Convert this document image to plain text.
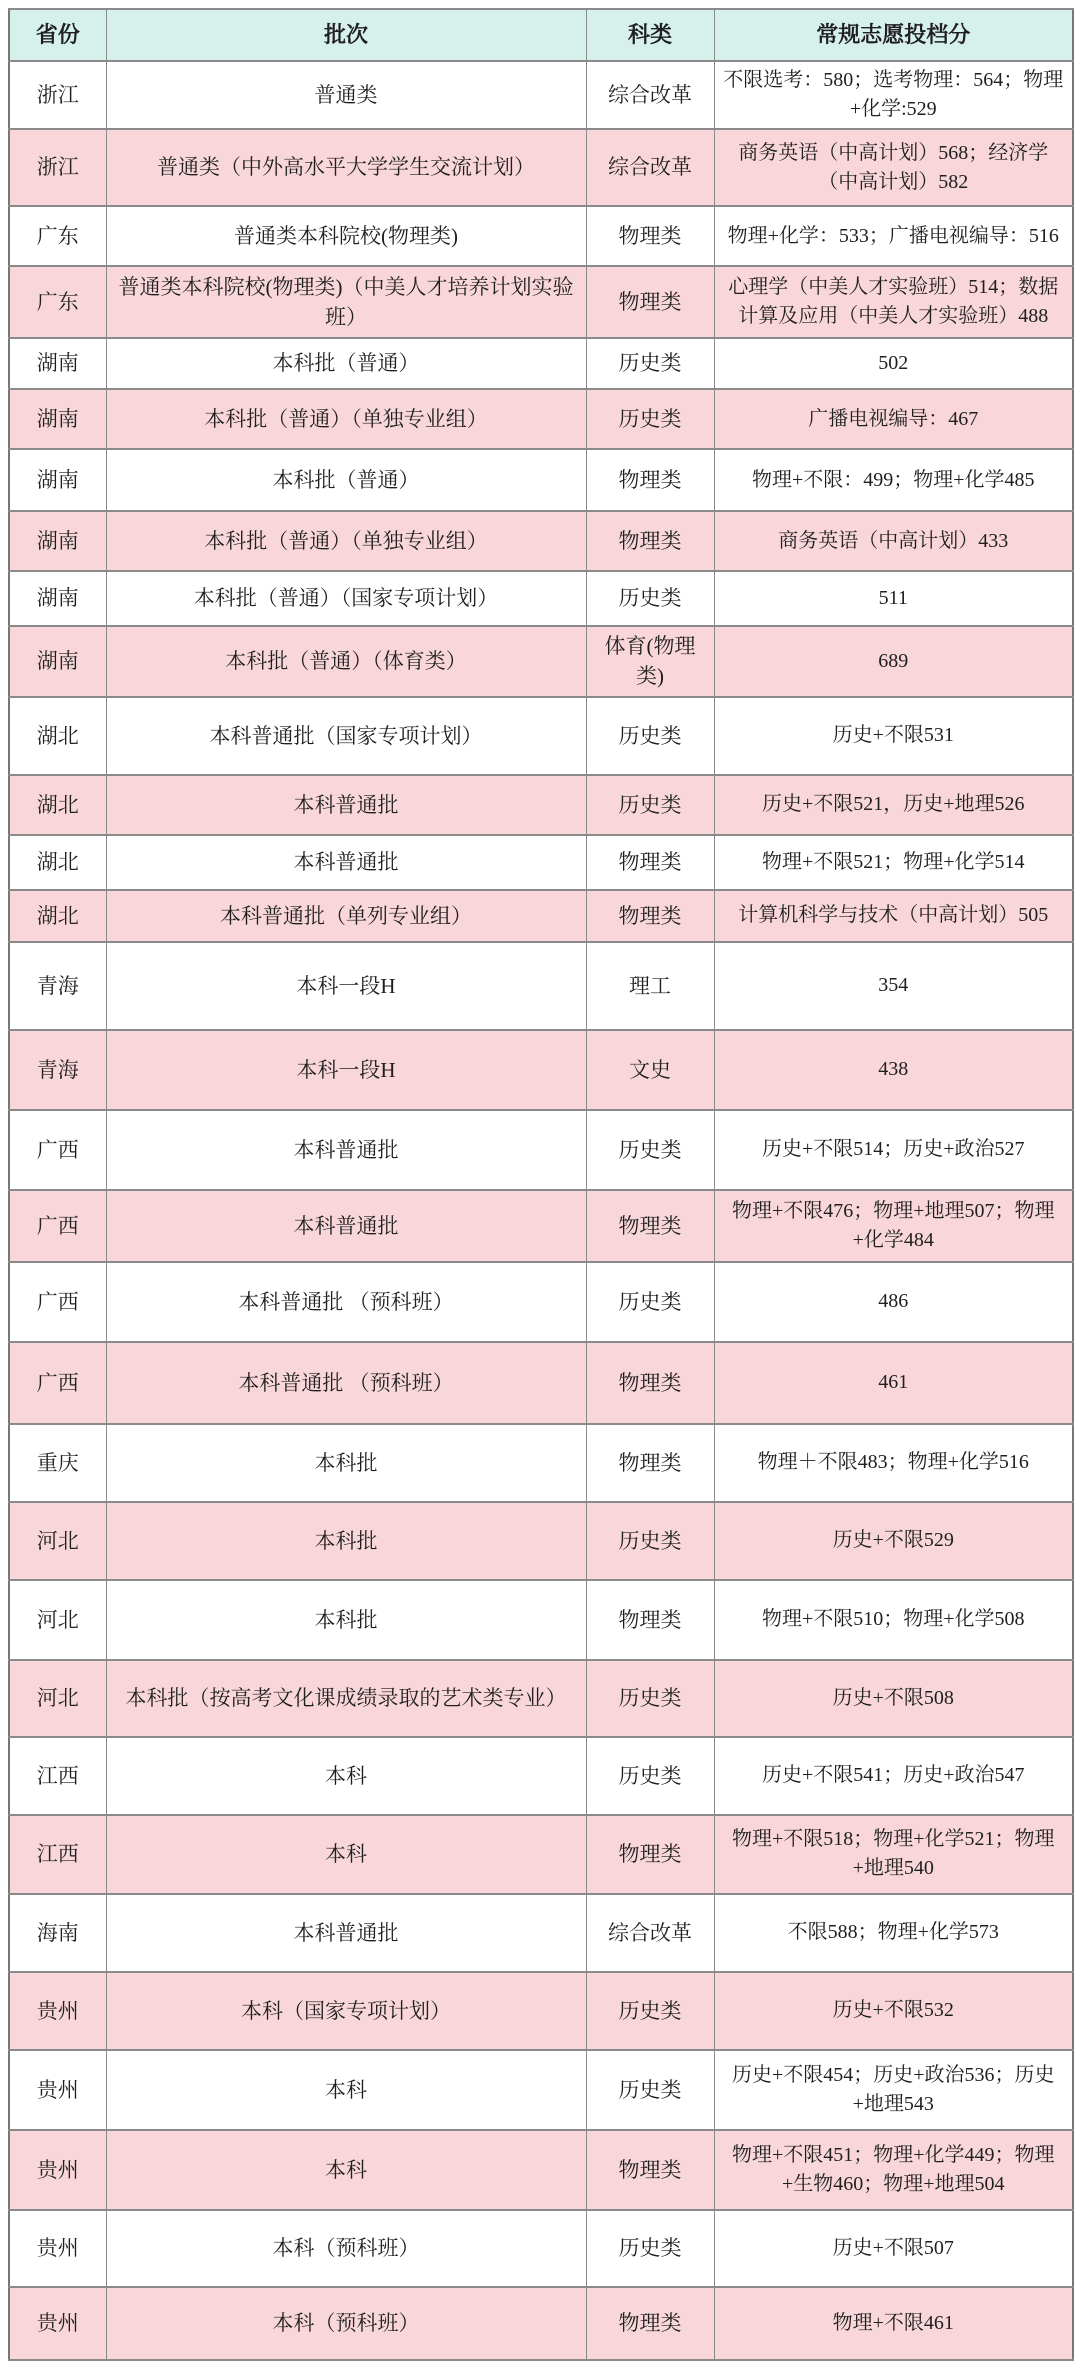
省份	批次	科类	常规志愿投档分
浙江	普通类	综合改革	不限选考：580；选考物理：564；物理+化学:529
浙江	普通类（中外高水平大学学生交流计划）	综合改革	商务英语（中高计划）568；经济学（中高计划）582
广东	普通类本科院校(物理类)	物理类	物理+化学：533；广播电视编导：516
广东	普通类本科院校(物理类)（中美人才培养计划实验班）	物理类	心理学（中美人才实验班）514；数据计算及应用（中美人才实验班）488
湖南	本科批（普通）	历史类	502
湖南	本科批（普通）（单独专业组）	历史类	广播电视编导：467
湖南	本科批（普通）	物理类	物理+不限：499；物理+化学485
湖南	本科批（普通）（单独专业组）	物理类	商务英语（中高计划）433
湖南	本科批（普通）（国家专项计划）	历史类	511
湖南	本科批（普通）（体育类）	体育(物理类)	689
湖北	本科普通批（国家专项计划）	历史类	历史+不限531
湖北	本科普通批	历史类	历史+不限521，历史+地理526
湖北	本科普通批	物理类	物理+不限521；物理+化学514
湖北	本科普通批（单列专业组）	物理类	计算机科学与技术（中高计划）505
青海	本科一段H	理工	354
青海	本科一段H	文史	438
广西	本科普通批	历史类	历史+不限514；历史+政治527
广西	本科普通批	物理类	物理+不限476；物理+地理507；物理+化学484
广西	本科普通批 （预科班）	历史类	486
广西	本科普通批 （预科班）	物理类	461
重庆	本科批	物理类	物理＋不限483；物理+化学516
河北	本科批	历史类	历史+不限529
河北	本科批	物理类	物理+不限510；物理+化学508
河北	本科批（按高考文化课成绩录取的艺术类专业）	历史类	历史+不限508
江西	本科	历史类	历史+不限541；历史+政治547
江西	本科	物理类	物理+不限518；物理+化学521；物理+地理540
海南	本科普通批	综合改革	不限588；物理+化学573
贵州	本科（国家专项计划）	历史类	历史+不限532
贵州	本科	历史类	历史+不限454；历史+政治536；历史+地理543
贵州	本科	物理类	物理+不限451；物理+化学449；物理+生物460；物理+地理504
贵州	本科（预科班）	历史类	历史+不限507
贵州	本科（预科班）	物理类	物理+不限461
